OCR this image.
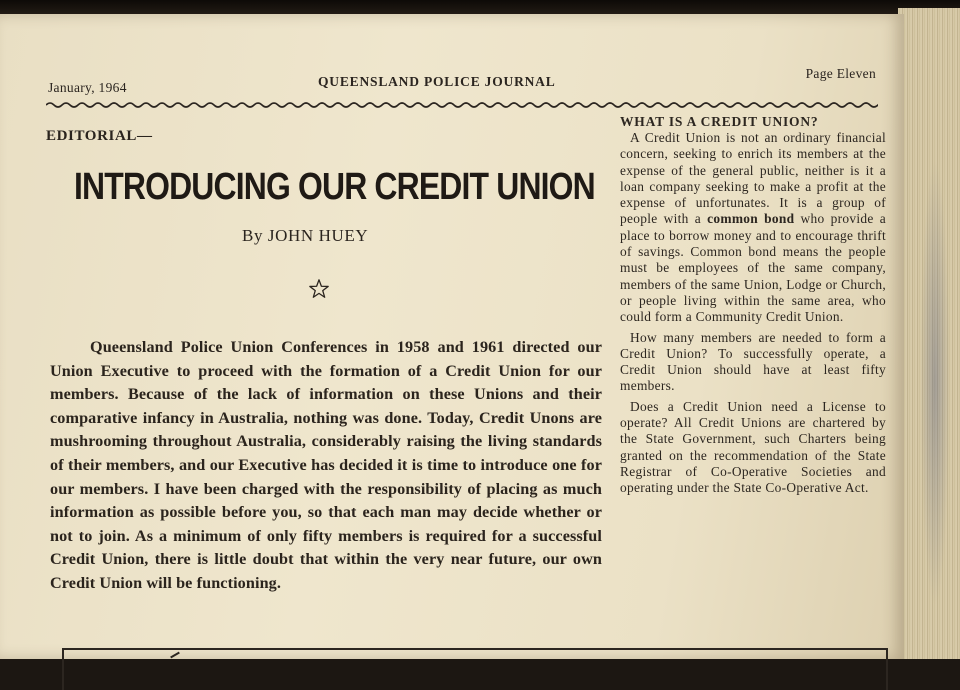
January, 1964	QUEENSLAND POLICE JOURNAL
Page Eleven
EDITORIAL—
INTRODUCING OUR CREDIT UNION
By JOHN HUEY

Queensland Police Union Conferences in 1958 and 1961 directed our Union Executive to proceed with the formation of a Credit Union for our members. Because of the lack of information on these Unions and their comparative infancy in Australia, nothing was done. Today, Credit Unons are mushrooming throughout Australia, considerably raising the living standards of their members, and our Executive has decided it is time to introduce one for our members. I have been charged with the responsibility of placing as much information as possible before you, so that each man may decide whether or not to join. As a minimum of only fifty members is required for a successful Credit Union, there is little doubt that within the very near future, our own Credit Union will be functioning.

WHAT IS A CREDIT UNION?

A Credit Union is not an ordinary financial concern, seeking to enrich its members at the expense of the general public, neither is it a loan company seeking to make a profit at the expense of unfortunates. It is a group of people with a common bond who provide a place to borrow money and to encourage thrift of savings. Common bond means the people must be employees of the same company, members of the same Union, Lodge or Church, or people living within the same area, who could form a Community Credit Union.

How many members are needed to form a Credit Union? To successfully operate, a Credit Union should have at least fifty members.

Does a Credit Union need a License to operate? All Credit Unions are chartered by the State Government, such Charters being granted on the recommendation of the State Registrar of Co-Operative Societies and operating under the State Co-Operative Act.
